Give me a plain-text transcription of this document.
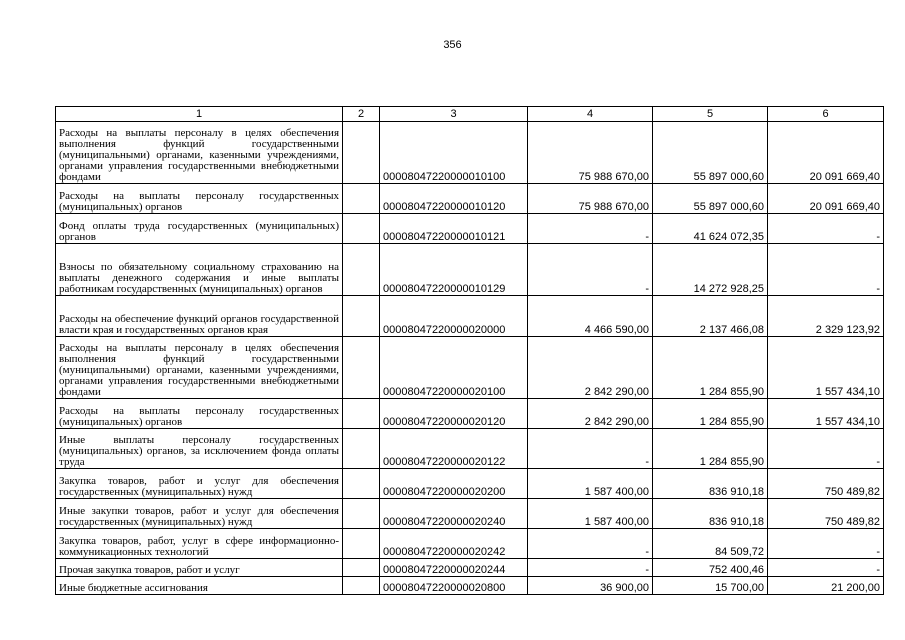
356
1	2	3	4	5	6
Расходы на выплаты персоналу в целях обеспечения выполнения функций государственными (муниципальными) органами, казенными учреждениями, органами управления государственными внебюджетными фондами		00008047220000010100	75 988 670,00	55 897 000,60	20 091 669,40
Расходы на выплаты персоналу государственных (муниципальных) органов		00008047220000010120	75 988 670,00	55 897 000,60	20 091 669,40
Фонд оплаты труда государственных (муниципальных) органов		00008047220000010121	-	41 624 072,35	-
Взносы по обязательному социальному страхованию на выплаты денежного содержания и иные выплаты работникам государственных (муниципальных) органов		00008047220000010129	-	14 272 928,25	-
Расходы на обеспечение функций органов государственной власти края и государственных органов края		00008047220000020000	4 466 590,00	2 137 466,08	2 329 123,92
Расходы на выплаты персоналу в целях обеспечения выполнения функций государственными (муниципальными) органами, казенными учреждениями, органами управления государственными внебюджетными фондами		00008047220000020100	2 842 290,00	1 284 855,90	1 557 434,10
Расходы на выплаты персоналу государственных (муниципальных) органов		00008047220000020120	2 842 290,00	1 284 855,90	1 557 434,10
Иные выплаты персоналу государственных (муниципальных) органов, за исключением фонда оплаты труда		00008047220000020122	-	1 284 855,90	-
Закупка товаров, работ и услуг для обеспечения государственных (муниципальных) нужд		00008047220000020200	1 587 400,00	836 910,18	750 489,82
Иные закупки товаров, работ и услуг для обеспечения государственных (муниципальных) нужд		00008047220000020240	1 587 400,00	836 910,18	750 489,82
Закупка товаров, работ, услуг в сфере информационно-коммуникационных технологий		00008047220000020242	-	84 509,72	-
Прочая закупка товаров, работ и услуг		00008047220000020244	-	752 400,46	-
Иные бюджетные ассигнования		00008047220000020800	36 900,00	15 700,00	21 200,00
